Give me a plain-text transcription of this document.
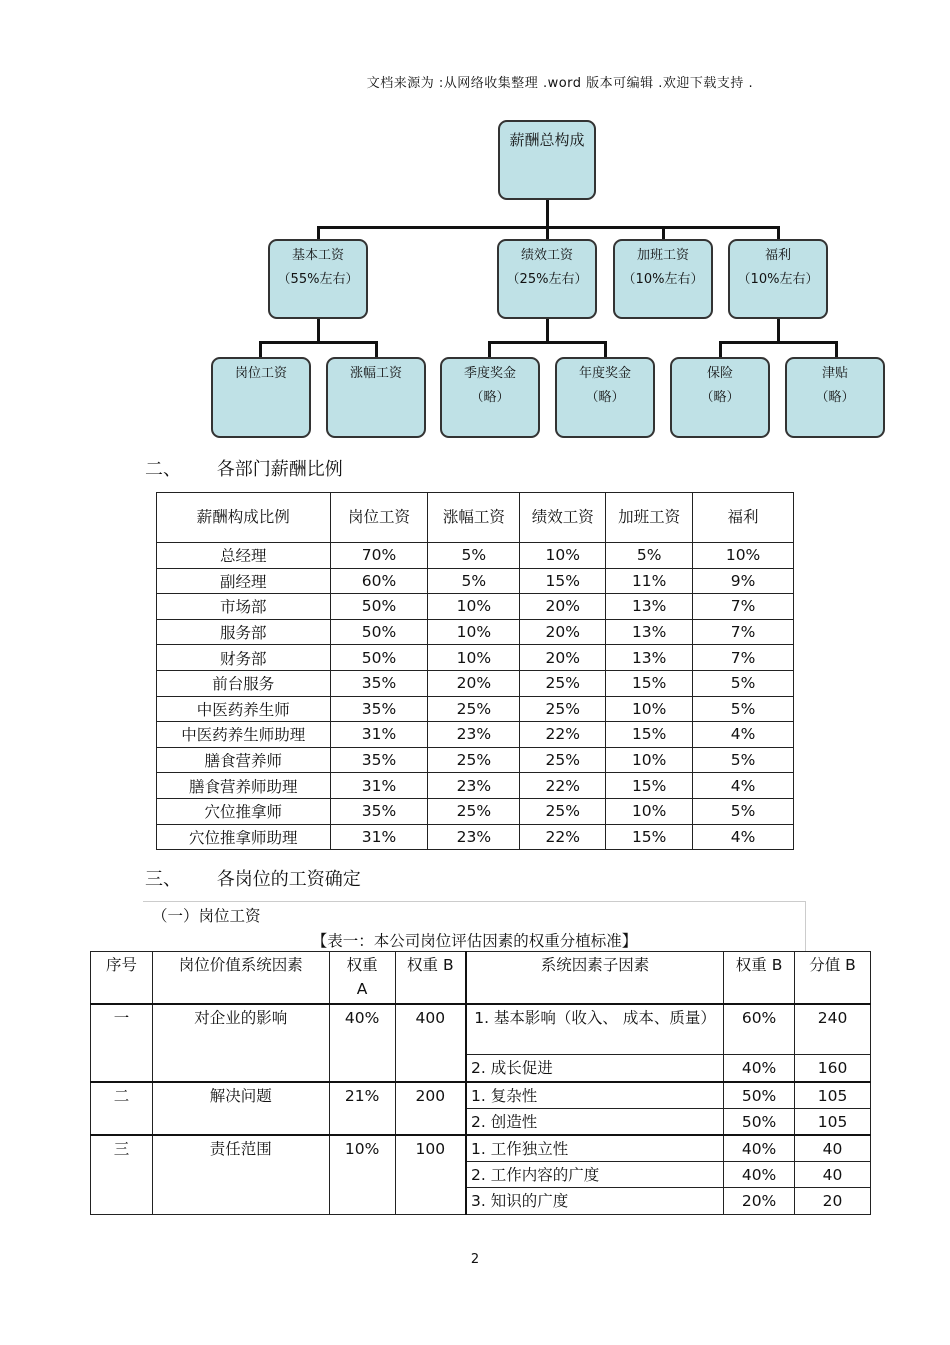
文档来源为 :从网络收集整理 .word 版本可编辑 .欢迎下载支持 .
薪酬总构成
基本工资
（55%左右）
绩效工资
（25%左右）
加班工资
（10%左右）
福利
（10%左右）
岗位工资	涨幅工资	季度奖金
（略）
年度奖金
（略）
保险
（略）
津贴
（略）
二、 各部门薪酬比例
薪酬构成比例	岗位工资	涨幅工资	绩效工资	加班工资	福利
总经理	70%	5%	10%	5%	10%
副经理	60%	5%	15%	11%	9%
市场部	50%	10%	20%	13%	7%
服务部	50%	10%	20%	13%	7%
财务部	50%	10%	20%	13%	7%
前台服务	35%	20%	25%	15%	5%
中医药养生师	35%	25%	25%	10%	5%
中医药养生师助理	31%	23%	22%	15%	4%
膳食营养师	35%	25%	25%	10%	5%
膳食营养师助理	31%	23%	22%	15%	4%
穴位推拿师	35%	25%	25%	10%	5%
穴位推拿师助理	31%	23%	22%	15%	4%
三、 各岗位的工资确定
（一）岗位工资
【表一：本公司岗位评估因素的权重分植标准】
序号	岗位价值系统因素	权重A	权重 B	系统因素子因素	权重 B	分值 B
一	对企业的影响	40%	400	1. 基本影响（收入、 成本、质量）	60%	240
				2. 成长促进	40%	160
二	解决问题	21%	200	1. 复杂性	50%	105
				2. 创造性	50%	105
三	责任范围	10%	100	1. 工作独立性	40%	40
				2. 工作内容的广度	40%	40
				3. 知识的广度	20%	20
2
